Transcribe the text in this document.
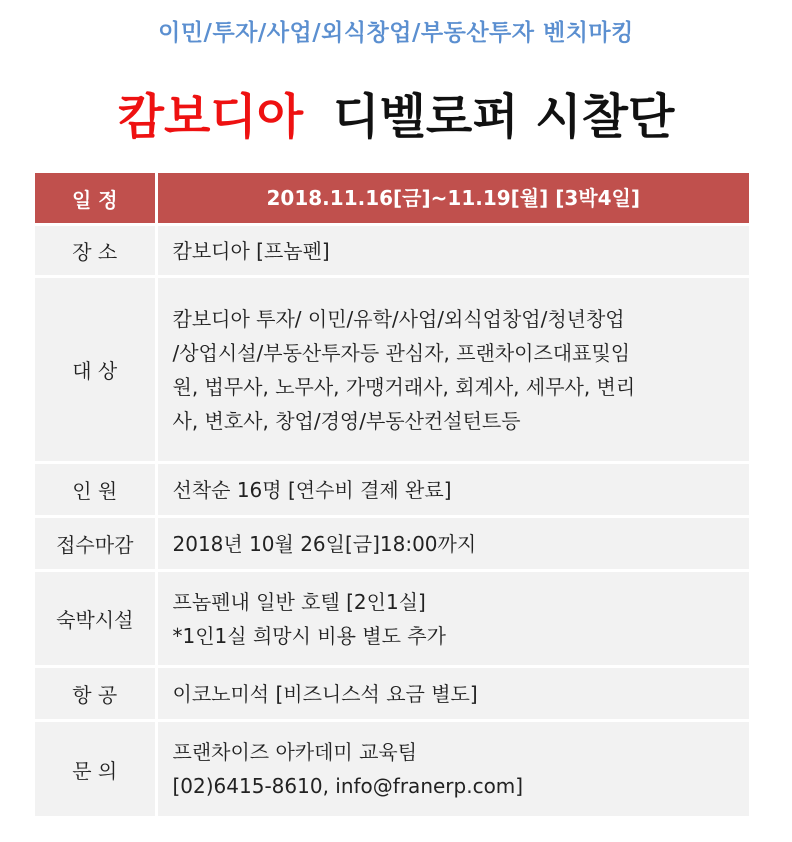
이민/투자/사업/외식창업/부동산투자 벤치마킹
캄보디아 디벨로퍼 시찰단
일 정	2018.11.16[금]~11.19[월] [3박4일]
장 소	캄보디아 [프놈펜]
대 상	캄보디아 투자/ 이민/유학/사업/외식업창업/청년창업
/상업시설/부동산투자등 관심자, 프랜차이즈대표및임
원, 법무사, 노무사, 가맹거래사, 회계사, 세무사, 변리
사, 변호사, 창업/경영/부동산컨설턴트등

인 원	선착순 16명 [연수비 결제 완료]
접수마감	2018년 10월 26일[금]18:00까지
숙박시설	프놈펜내 일반 호텔 [2인1실]
*1인1실 희망시 비용 별도 추가

항 공	이코노미석 [비즈니스석 요금 별도]
문 의	프랜차이즈 아카데미 교육팀
[02)6415-8610, info@franerp.com]
